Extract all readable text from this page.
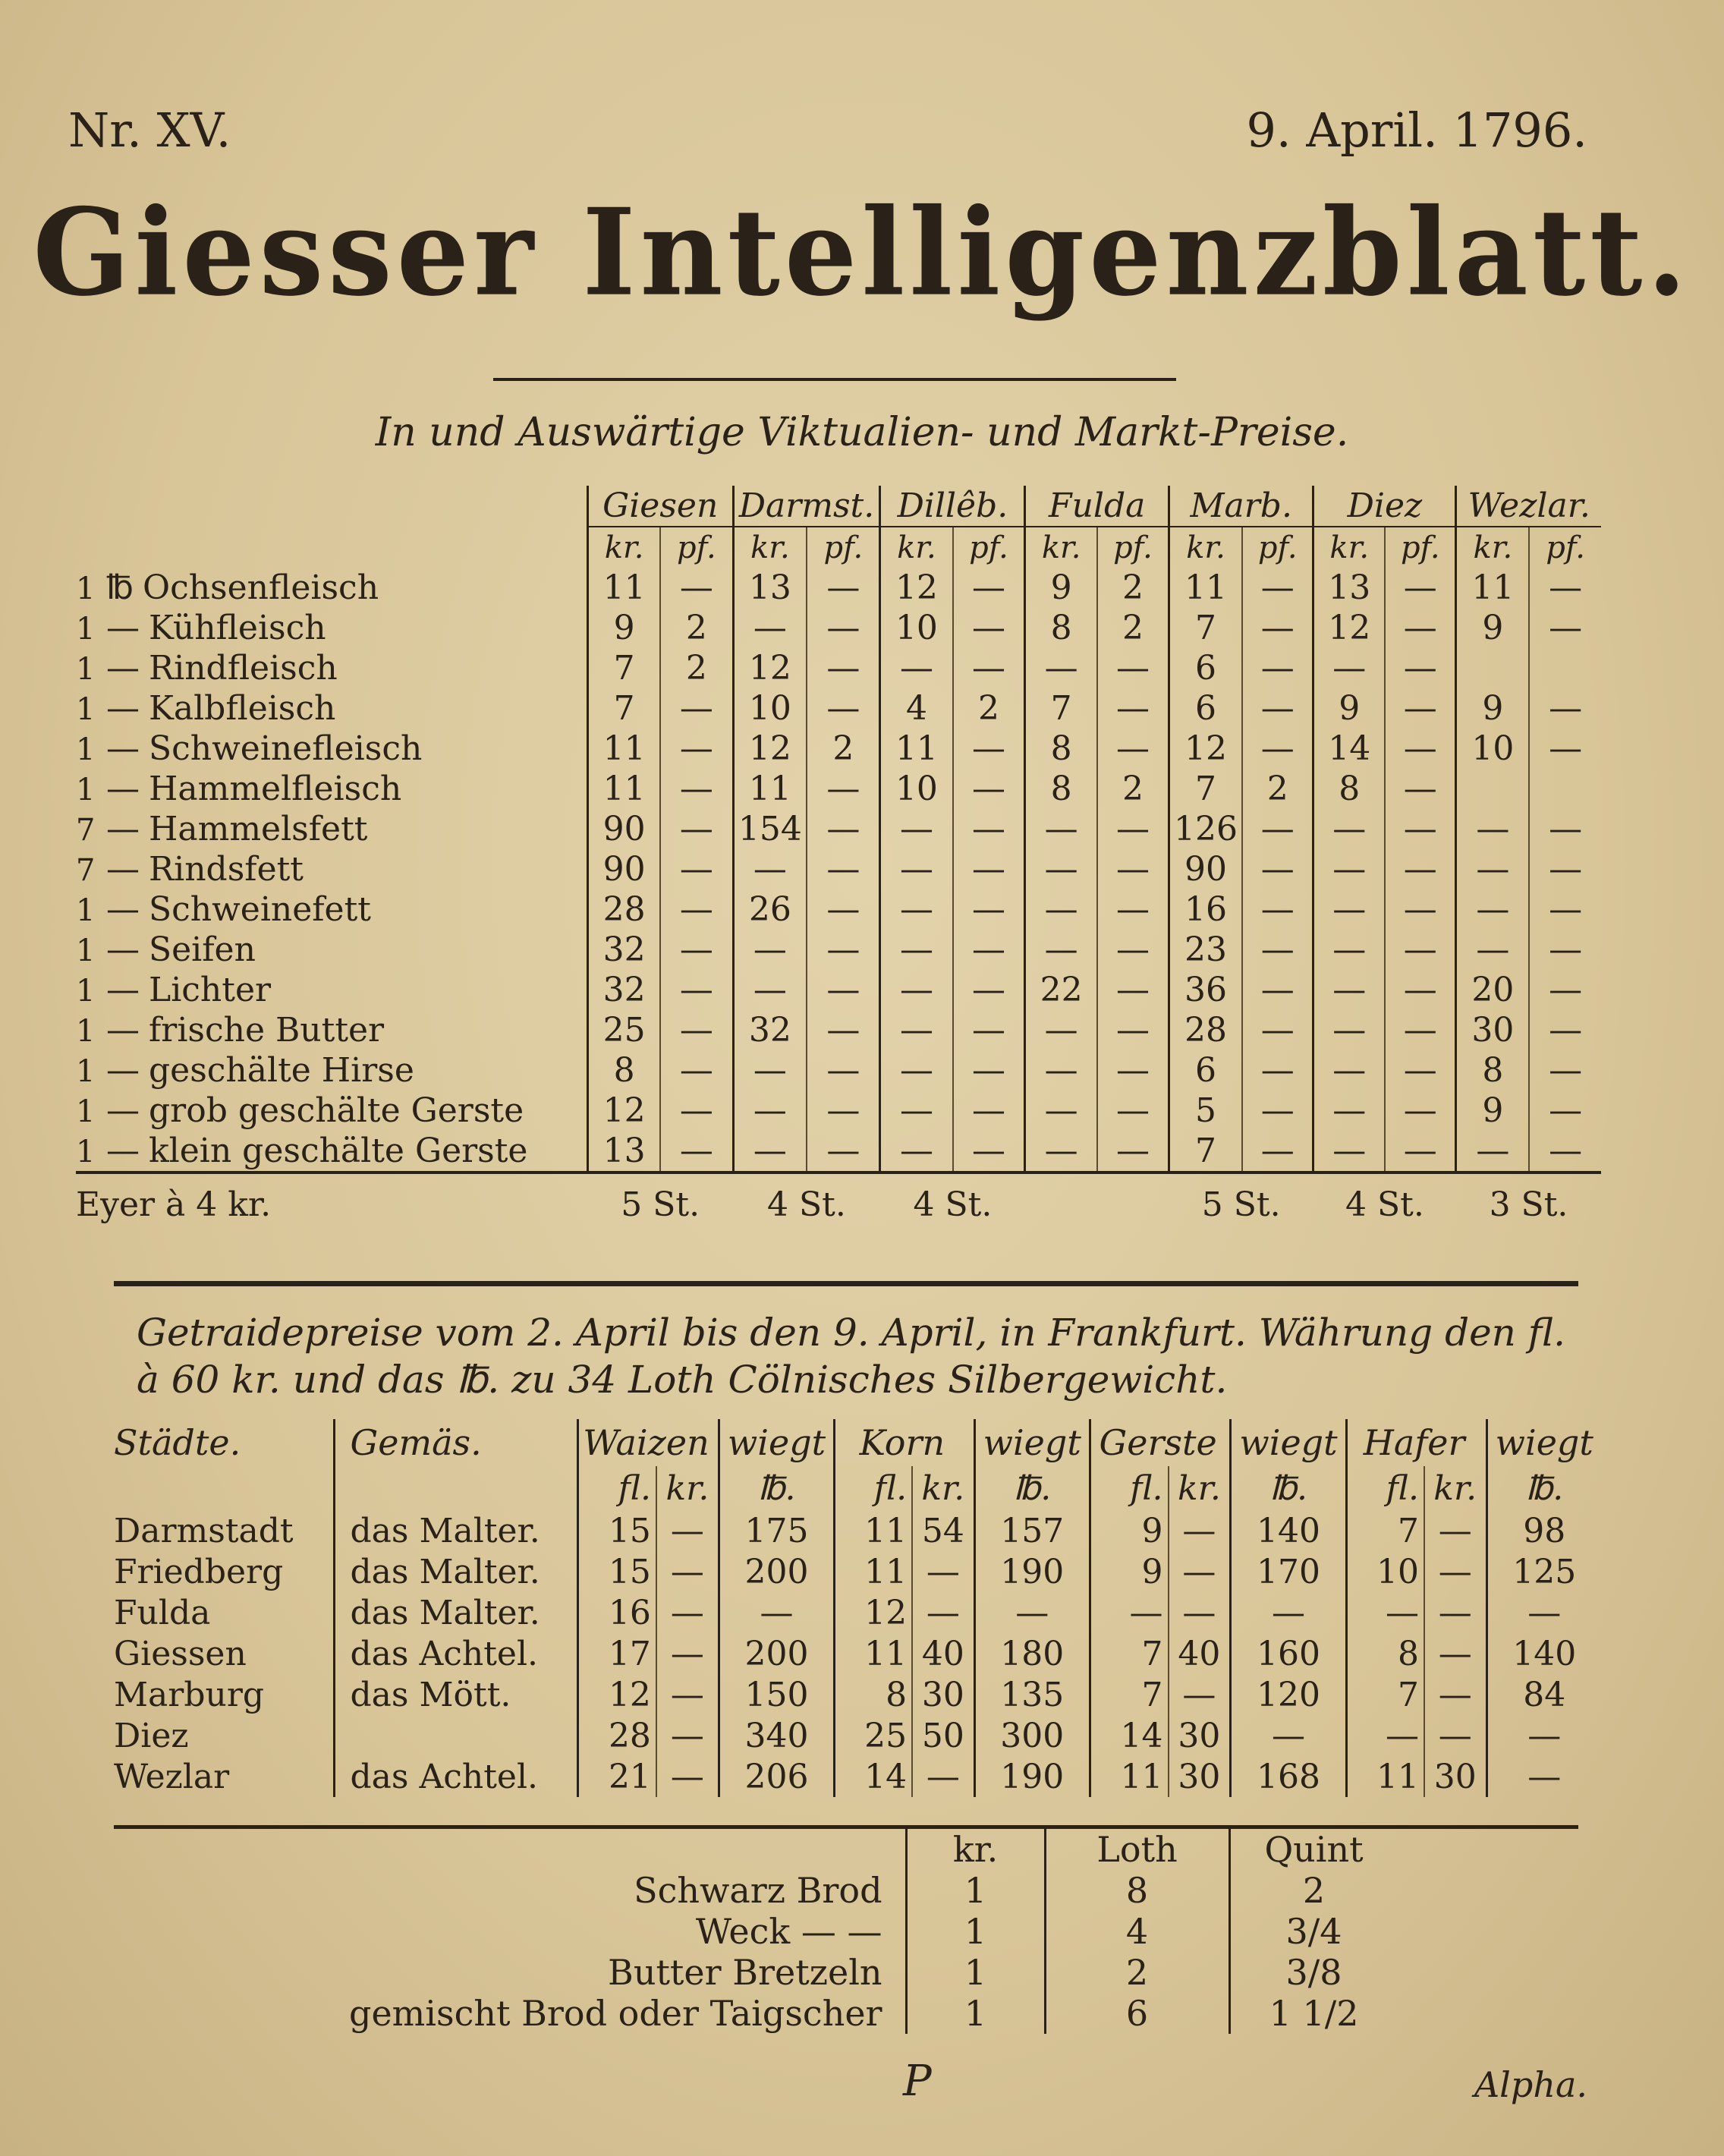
Nr. XV.	9. April. 1796.
Giesser Intelligenzblatt.
In und Auswärtige Viktualien- und Markt-Preise.
	Giesen		Darmst.		Dillêb.		Fulda		Marb.		Diez		Wezlar.	
	kr.	pf.	kr.	pf.	kr.	pf.	kr.	pf.	kr.	pf.	kr.	pf.	kr.	pf.
1 ℔ Ochsenfleisch	11	—	13	—	12	—	9	2	11	—	13	—	11	—
1 — Kühfleisch	9	2	—	—	10	—	8	2	7	—	12	—	9	—
1 — Rindfleisch	7	2	12	—	—	—	—	—	6	—	—	—		
1 — Kalbfleisch	7	—	10	—	4	2	7	—	6	—	9	—	9	—
1 — Schweinefleisch	11	—	12	2	11	—	8	—	12	—	14	—	10	—
1 — Hammelfleisch	11	—	11	—	10	—	8	2	7	2	8	—		
7 — Hammelsfett	90	—	154	—	—	—	—	—	126	—	—	—	—	—
7 — Rindsfett	90	—	—	—	—	—	—	—	90	—	—	—	—	—
1 — Schweinefett	28	—	26	—	—	—	—	—	16	—	—	—	—	—
1 — Seifen	32	—	—	—	—	—	—	—	23	—	—	—	—	—
1 — Lichter	32	—	—	—	—	—	22	—	36	—	—	—	20	—
1 — frische Butter	25	—	32	—	—	—	—	—	28	—	—	—	30	—
1 — geschälte Hirse	8	—	—	—	—	—	—	—	6	—	—	—	8	—
1 — grob geschälte Gerste	12	—	—	—	—	—	—	—	5	—	—	—	9	—
1 — klein geschälte Gerste	13	—	—	—	—	—	—	—	7	—	—	—	—	—
Eyer à 4 kr.	5 St.		4 St.		4 St.				5 St.		4 St.		3 St.	
Getraidepreise vom 2. April bis den 9. April, in Frankfurt. Währung den fl. à 60 kr. und das ℔. zu 34 Loth Cölnisches Silbergewicht.
Städte.	Gemäs.	Waizen		wiegt	Korn		wiegt	Gerste		wiegt	Hafer		wiegt
		fl.	kr.	℔.	fl.	kr.	℔.	fl.	kr.	℔.	fl.	kr.	℔.
Darmstadt	das Malter.	15	—	175	11	54	157	9	—	140	7	—	98
Friedberg	das Malter.	15	—	200	11	—	190	9	—	170	10	—	125
Fulda	das Malter.	16	—	—	12	—	—	—	—	—	—	—	—
Giessen	das Achtel.	17	—	200	11	40	180	7	40	160	8	—	140
Marburg	das Mött.	12	—	150	8	30	135	7	—	120	7	—	84
Diez		28	—	340	25	50	300	14	30	—	—	—	—
Wezlar	das Achtel.	21	—	206	14	—	190	11	30	168	11	30	—
	kr.	Loth	Quint
Schwarz Brod	1	8	2
Weck — —	1	4	3/4
Butter Bretzeln	1	2	3/8
gemischt Brod oder Taigscher	1	6	1 1/2
P	Alpha.
